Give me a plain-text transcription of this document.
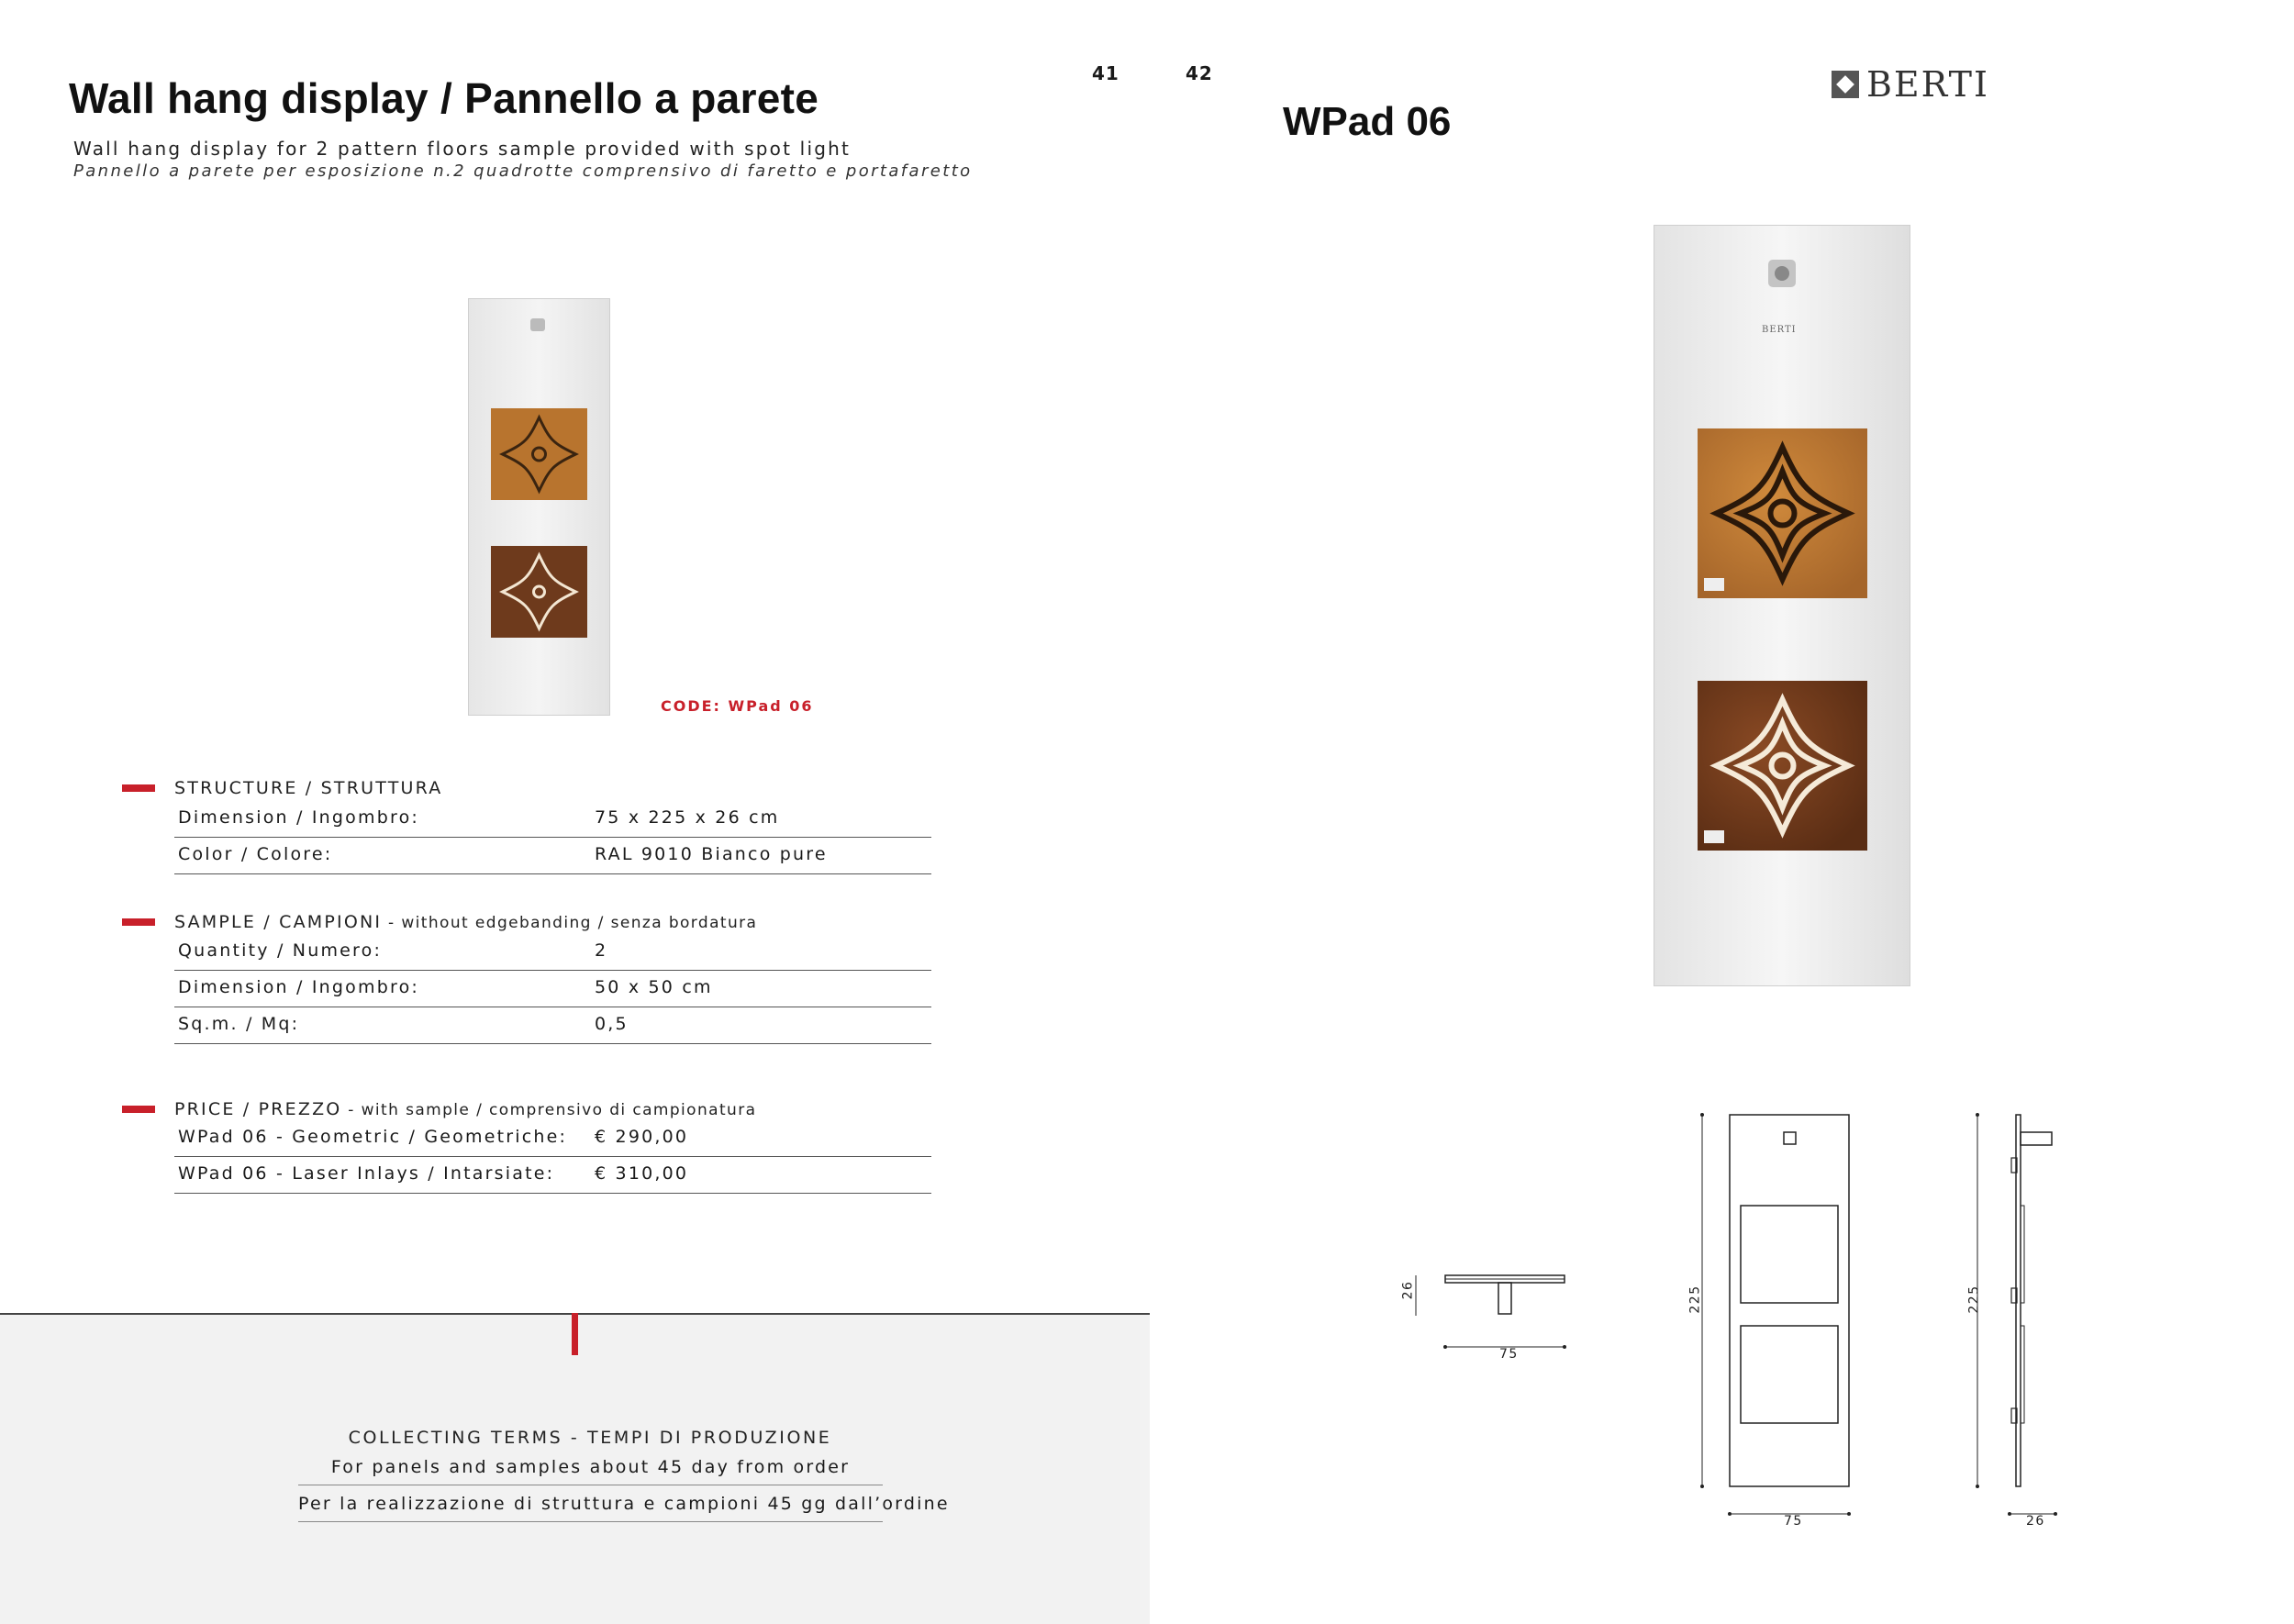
Wall hang display / Pannello a parete
Wall hang display for 2 pattern floors sample provided with spot light
Pannello a parete per esposizione n.2 quadrotte comprensivo di faretto e portafaretto
41
CODE: WPad 06
STRUCTURE / STRUTTURA
Dimension / Ingombro:	75 x 225 x 26 cm
Color / Colore:	RAL 9010 Bianco pure
SAMPLE / CAMPIONI - without edgebanding / senza bordatura
Quantity / Numero:	2
Dimension / Ingombro:	50 x 50 cm
Sq.m. / Mq:	0,5
PRICE / PREZZO - with sample / comprensivo di campionatura
WPad 06 - Geometric / Geometriche: € 290,00
WPad 06 - Laser Inlays / Intarsiate: € 310,00
COLLECTING TERMS - TEMPI DI PRODUZIONE
For panels and samples about 45 day from order
Per la realizzazione di struttura e campioni 45 gg dall’ordine
42
WPad 06
BERTI
BERTI
75
26
75
225
26
225
